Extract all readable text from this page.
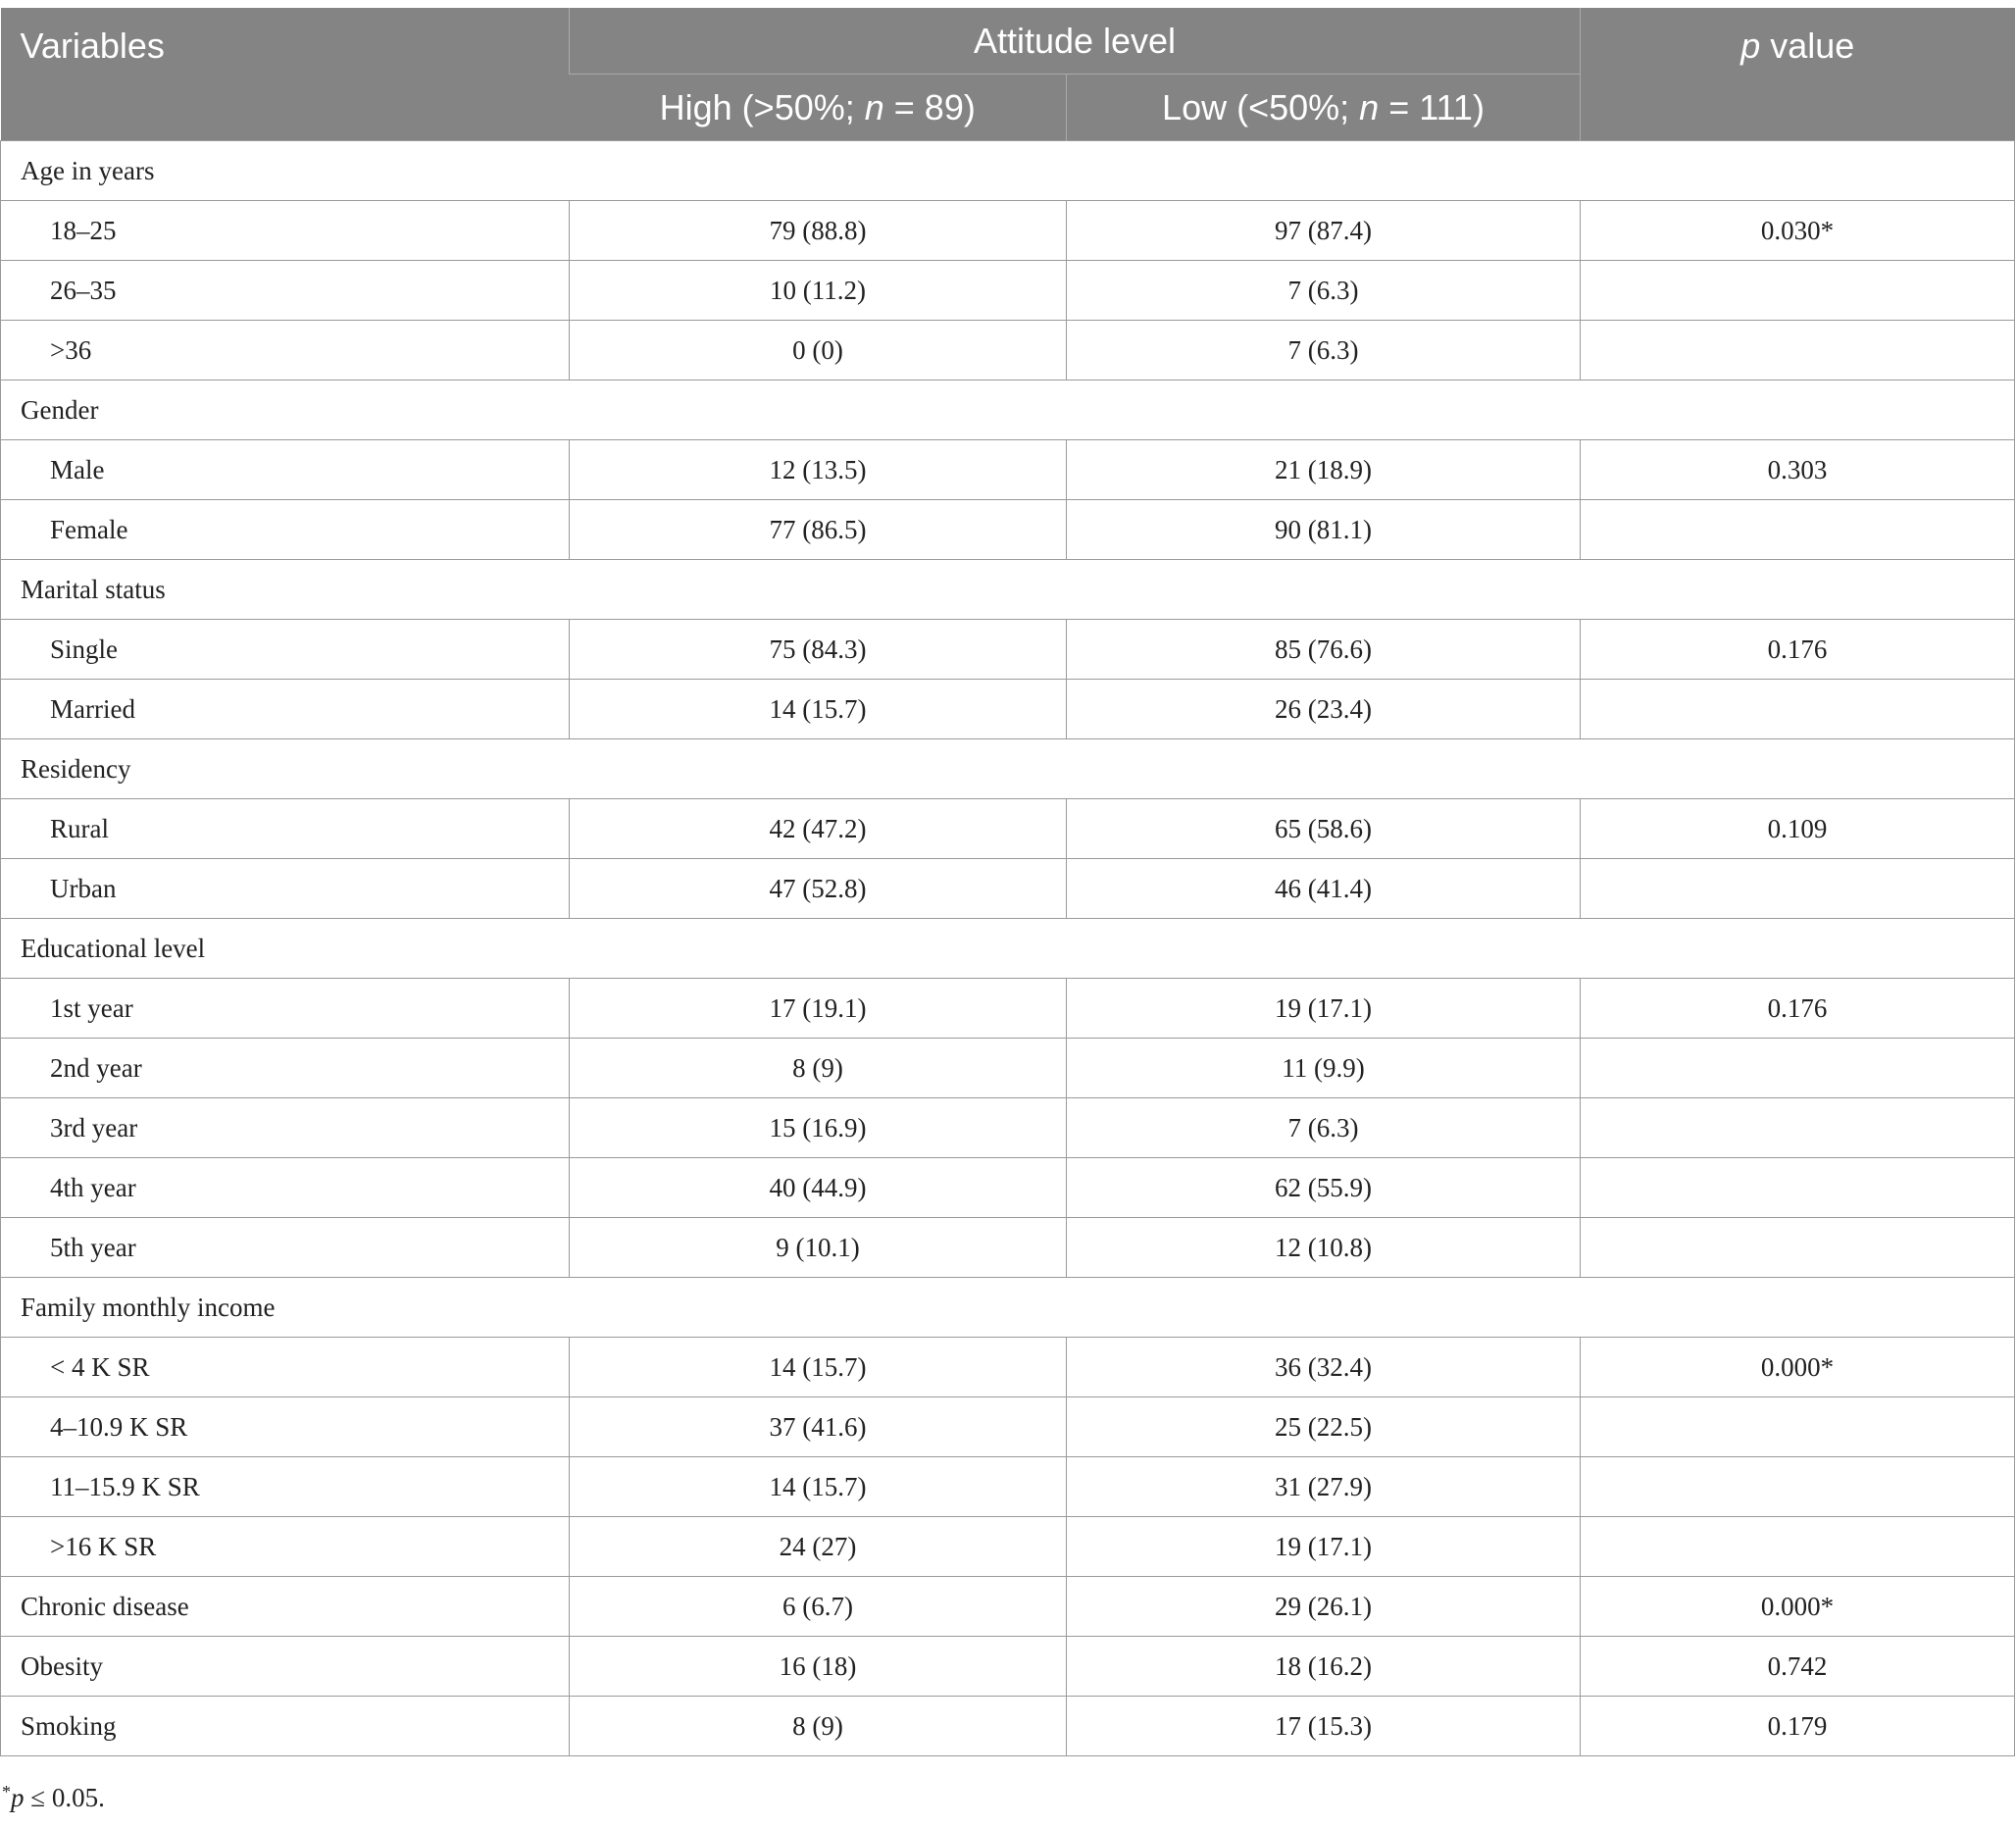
Variables	Attitude level		p value
	High (>50%; n = 89)	Low (<50%; n = 111)	
Age in years			
18–25	79 (88.8)	97 (87.4)	0.030*
26–35	10 (11.2)	7 (6.3)	
>36	0 (0)	7 (6.3)	
Gender			
Male	12 (13.5)	21 (18.9)	0.303
Female	77 (86.5)	90 (81.1)	
Marital status			
Single	75 (84.3)	85 (76.6)	0.176
Married	14 (15.7)	26 (23.4)	
Residency			
Rural	42 (47.2)	65 (58.6)	0.109
Urban	47 (52.8)	46 (41.4)	
Educational level			
1st year	17 (19.1)	19 (17.1)	0.176
2nd year	8 (9)	11 (9.9)	
3rd year	15 (16.9)	7 (6.3)	
4th year	40 (44.9)	62 (55.9)	
5th year	9 (10.1)	12 (10.8)	
Family monthly income			
< 4 K SR	14 (15.7)	36 (32.4)	0.000*
4–10.9 K SR	37 (41.6)	25 (22.5)	
11–15.9 K SR	14 (15.7)	31 (27.9)	
>16 K SR	24 (27)	19 (17.1)	
Chronic disease	6 (6.7)	29 (26.1)	0.000*
Obesity	16 (18)	18 (16.2)	0.742
Smoking	8 (9)	17 (15.3)	0.179
*p ≤ 0.05.
